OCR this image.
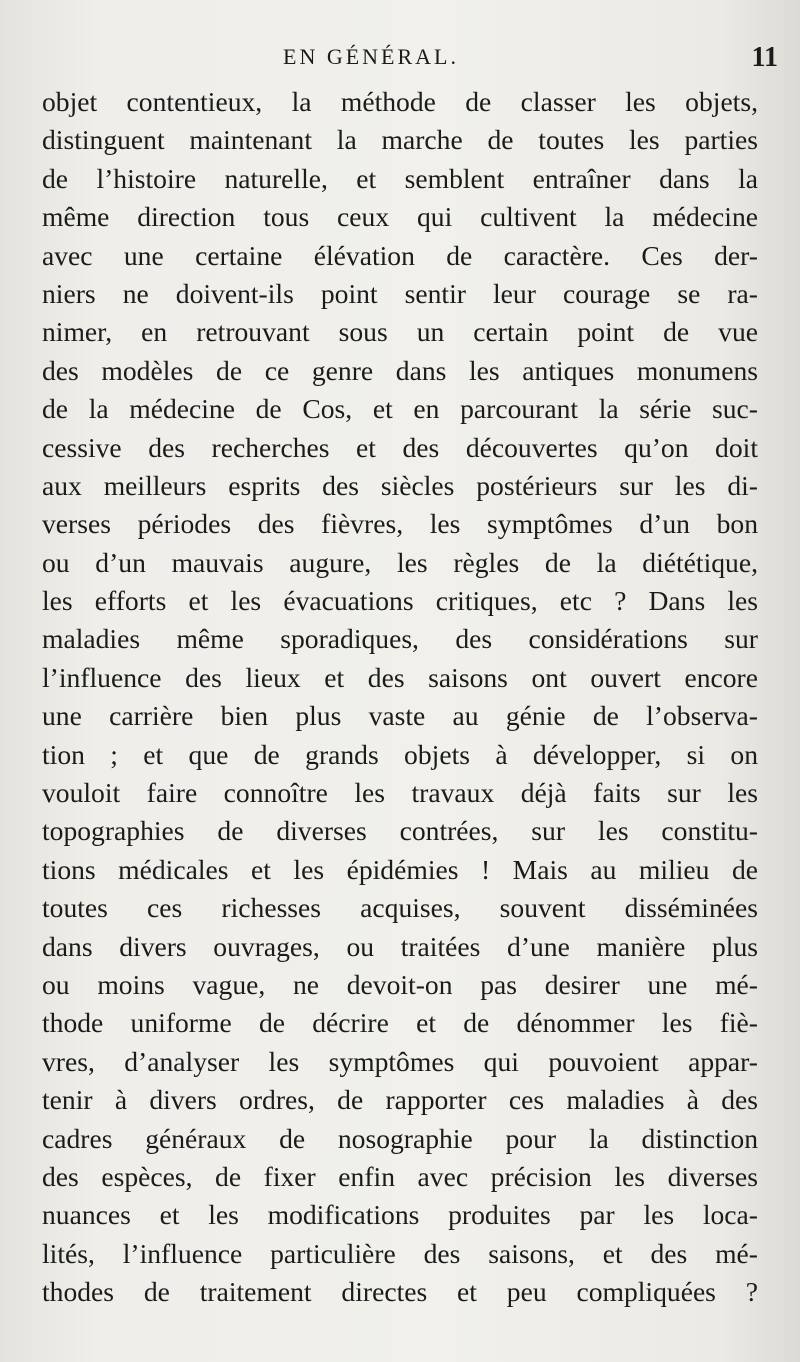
EN GÉNÉRAL.	11
objet contentieux, la méthode de classer les objets,
distinguent maintenant la marche de toutes les parties
de l’histoire naturelle, et semblent entraîner dans la
même direction tous ceux qui cultivent la médecine
avec une certaine élévation de caractère. Ces der-
niers ne doivent-ils point sentir leur courage se ra-
nimer, en retrouvant sous un certain point de vue
des modèles de ce genre dans les antiques monumens
de la médecine de Cos, et en parcourant la série suc-
cessive des recherches et des découvertes qu’on doit
aux meilleurs esprits des siècles postérieurs sur les di-
verses périodes des fièvres, les symptômes d’un bon
ou d’un mauvais augure, les règles de la diététique,
les efforts et les évacuations critiques, etc ? Dans les
maladies même sporadiques, des considérations sur
l’influence des lieux et des saisons ont ouvert encore
une carrière bien plus vaste au génie de l’observa-
tion ; et que de grands objets à développer, si on
vouloit faire connoître les travaux déjà faits sur les
topographies de diverses contrées, sur les constitu-
tions médicales et les épidémies ! Mais au milieu de
toutes ces richesses acquises, souvent disséminées
dans divers ouvrages, ou traitées d’une manière plus
ou moins vague, ne devoit-on pas desirer une mé-
thode uniforme de décrire et de dénommer les fiè-
vres, d’analyser les symptômes qui pouvoient appar-
tenir à divers ordres, de rapporter ces maladies à des
cadres généraux de nosographie pour la distinction
des espèces, de fixer enfin avec précision les diverses
nuances et les modifications produites par les loca-
lités, l’influence particulière des saisons, et des mé-
thodes de traitement directes et peu compliquées ?
